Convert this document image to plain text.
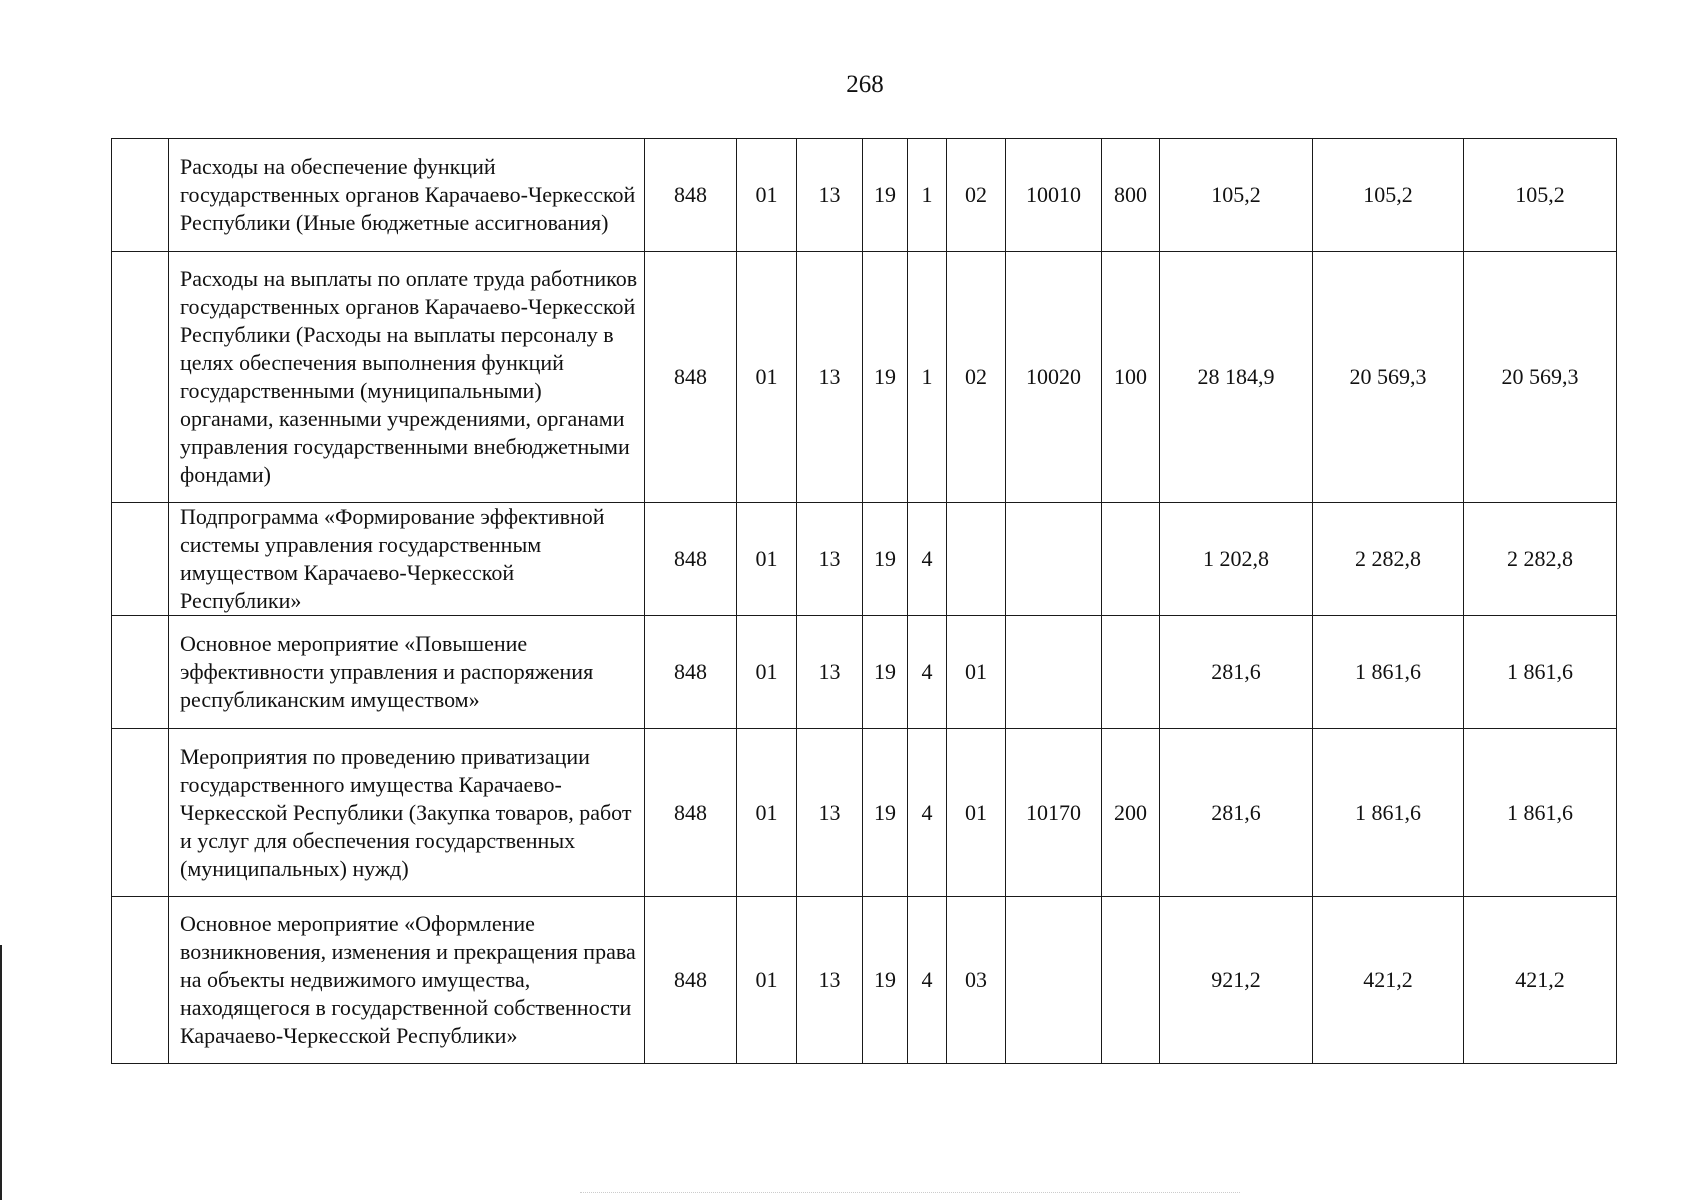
268
	Расходы на обеспечение функций государственных органов Карачаево-Черкесской Республики (Иные бюджетные ассигнования)	848	01	13	19	1	02	10010	800	105,2	105,2	105,2
	Расходы на выплаты по оплате труда работников государственных органов Карачаево-Черкесской Республики (Расходы на выплаты персоналу в целях обеспечения выполнения функций государственными (муниципальными) органами, казенными учреждениями, органами управления государственными внебюджетными фондами)	848	01	13	19	1	02	10020	100	28 184,9	20 569,3	20 569,3
	Подпрограмма «Формирование эффективной системы управления государственным имуществом Карачаево-Черкесской Республики»	848	01	13	19	4				1 202,8	2 282,8	2 282,8
	Основное мероприятие «Повышение эффективности управления и распоряжения республиканским имуществом»	848	01	13	19	4	01			281,6	1 861,6	1 861,6
	Мероприятия по проведению приватизации государственного имущества Карачаево-Черкесской Республики (Закупка товаров, работ и услуг для обеспечения государственных (муниципальных) нужд)	848	01	13	19	4	01	10170	200	281,6	1 861,6	1 861,6
	Основное мероприятие «Оформление возникновения, изменения и прекращения права на объекты недвижимого имущества, находящегося в государственной собственности Карачаево-Черкесской Республики»	848	01	13	19	4	03			921,2	421,2	421,2
